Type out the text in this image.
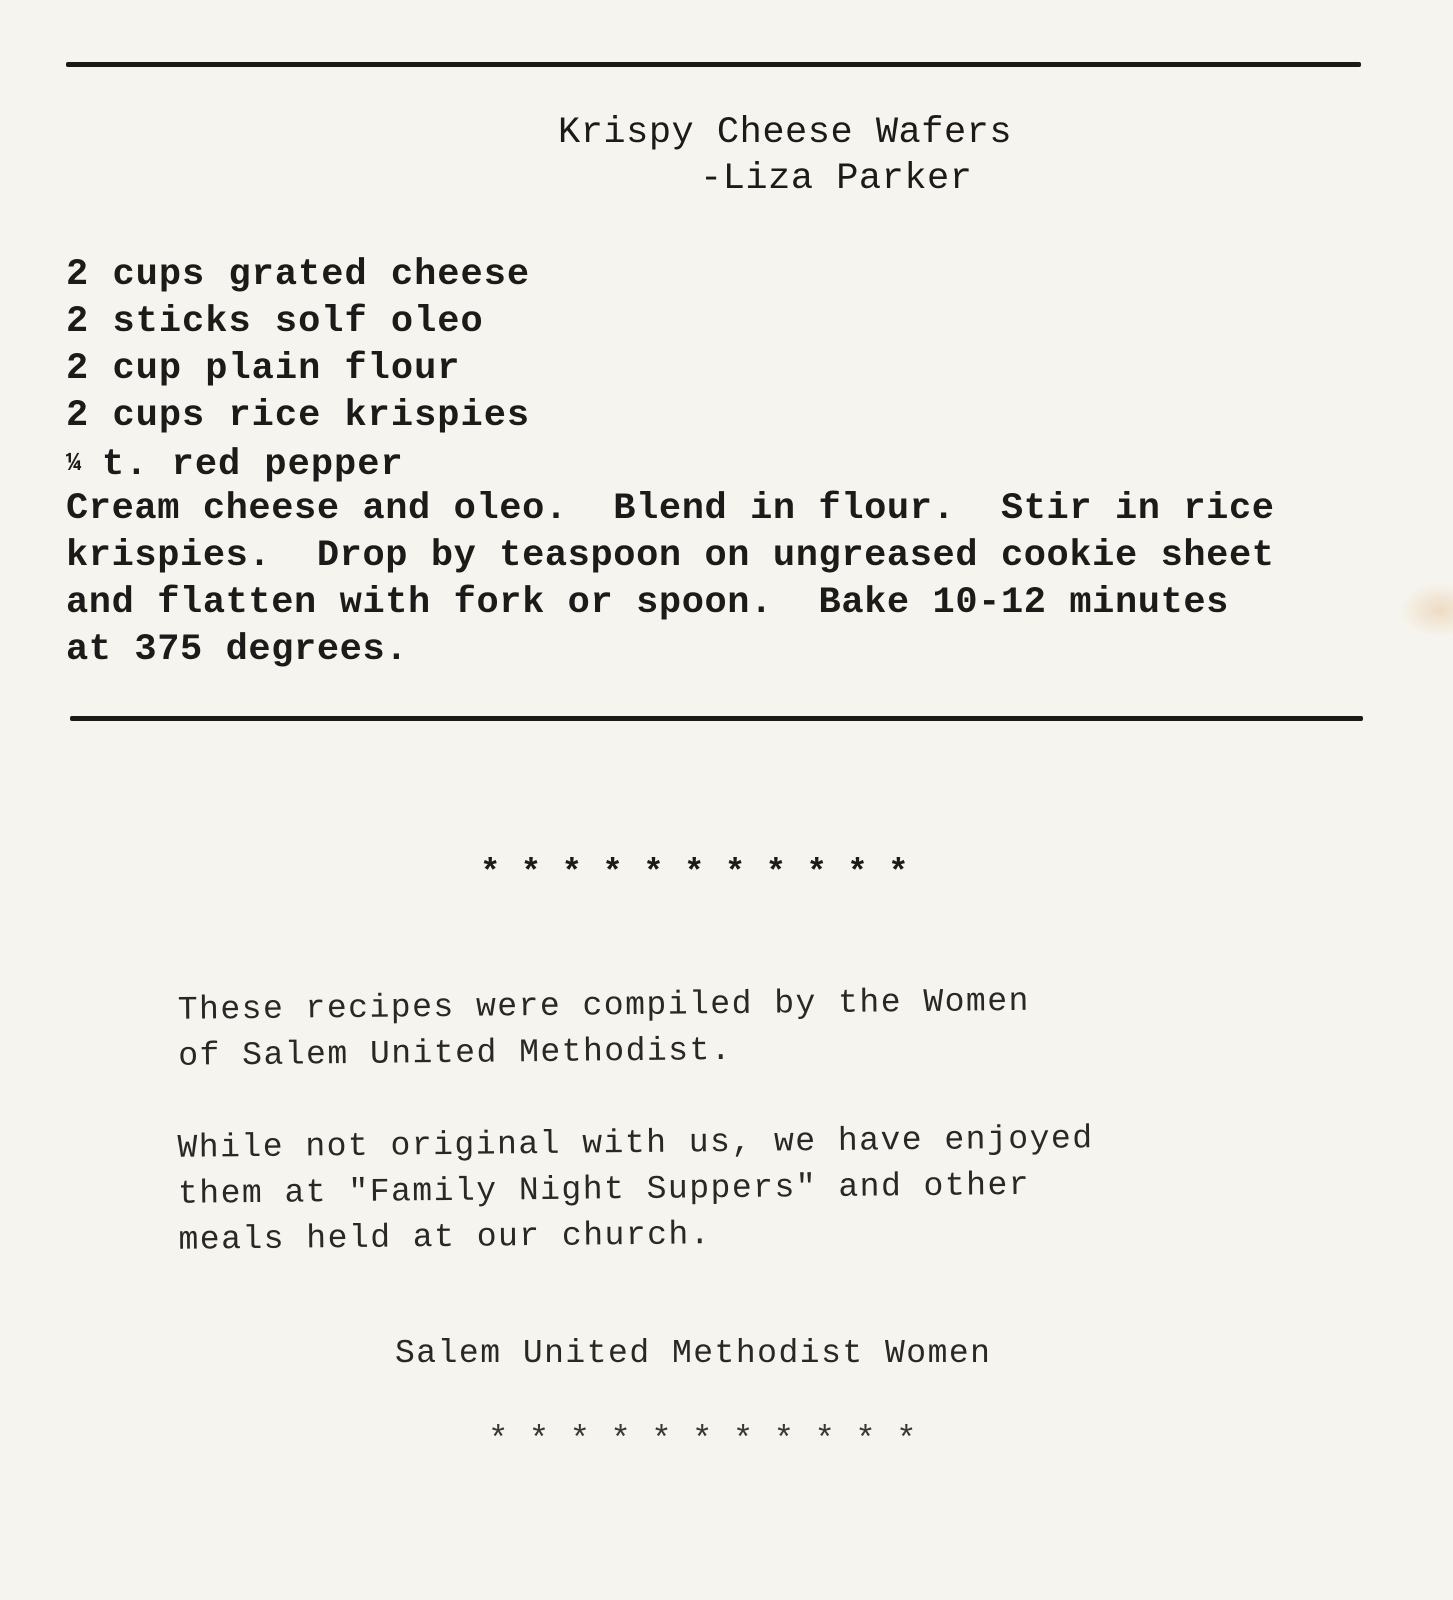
Krispy Cheese Wafers
-Liza Parker
2 cups grated cheese
2 sticks solf oleo
2 cup plain flour
2 cups rice krispies
¼ t. red pepper
Cream cheese and oleo.  Blend in flour.  Stir in rice
krispies.  Drop by teaspoon on ungreased cookie sheet
and flatten with fork or spoon.  Bake 10-12 minutes
at 375 degrees.
* * * * * * * * * * *
These recipes were compiled by the Women
of Salem United Methodist.
While not original with us, we have enjoyed
them at "Family Night Suppers" and other
meals held at our church.
Salem United Methodist Women
* * * * * * * * * * *
